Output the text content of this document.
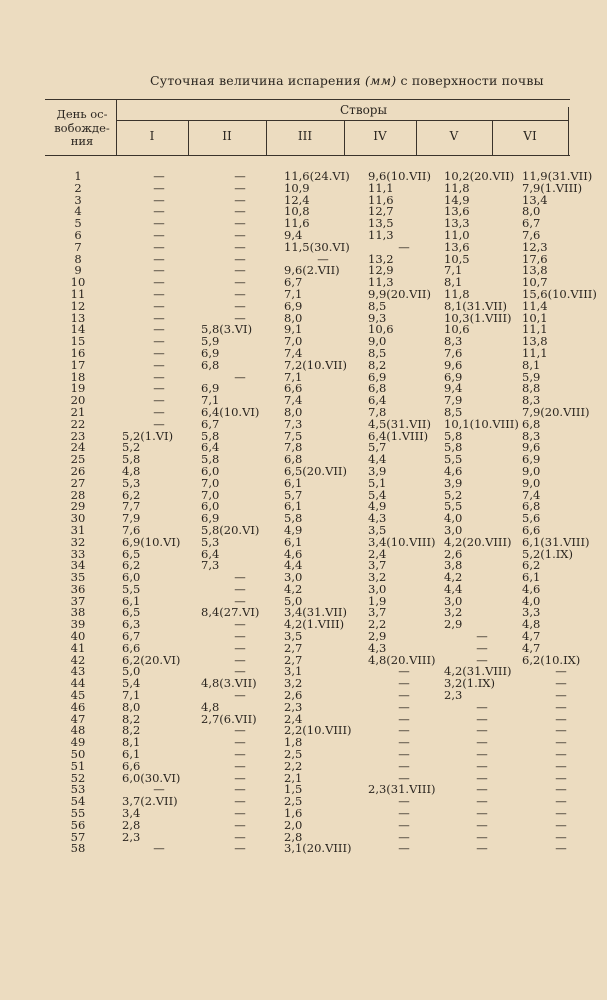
Суточная величина испарения (мм) с поверхности почвы
День ос- вобожде- ния
Створы
I	II	III	IV	V	VI
1	—	—	11,6(24.VI)	9,6(10.VII)	10,2(20.VII)	11,9(31.VII)
2	—	—	10,9	11,1	11,8	7,9(1.VIII)
3	—	—	12,4	11,6	14,9	13,4
4	—	—	10,8	12,7	13,6	8,0
5	—	—	11,6	13,5	13,3	6,7
6	—	—	9,4	11,3	11,0	7,6
7	—	—	11,5(30.VI)	—	13,6	12,3
8	—	—	—	13,2	10,5	17,6
9	—	—	9,6(2.VII)	12,9	7,1	13,8
10	—	—	6,7	11,3	8,1	10,7
11	—	—	7,1	9,9(20.VII)	11,8	15,6(10.VIII)
12	—	—	6,9	8,5	8,1(31.VII)	11,4
13	—	—	8,0	9,3	10,3(1.VIII)	10,1
14	—	5,8(3.VI)	9,1	10,6	10,6	11,1
15	—	5,9	7,0	9,0	8,3	13,8
16	—	6,9	7,4	8,5	7,6	11,1
17	—	6,8	7,2(10.VII)	8,2	9,6	8,1
18	—	—	7,1	6,9	6,9	5,9
19	—	6,9	6,6	6,8	9,4	8,8
20	—	7,1	7,4	6,4	7,9	8,3
21	—	6,4(10.VI)	8,0	7,8	8,5	7,9(20.VIII)
22	—	6,7	7,3	4,5(31.VII)	10,1(10.VIII)	6,8
23	5,2(1.VI)	5,8	7,5	6,4(1.VIII)	5,8	8,3
24	5,2	6,4	7,8	5,7	5,8	9,6
25	5,8	5,8	6,8	4,4	5,5	6,9
26	4,8	6,0	6,5(20.VII)	3,9	4,6	9,0
27	5,3	7,0	6,1	5,1	3,9	9,0
28	6,2	7,0	5,7	5,4	5,2	7,4
29	7,7	6,0	6,1	4,9	5,5	6,8
30	7,9	6,9	5,8	4,3	4,0	5,6
31	7,6	5,8(20.VI)	4,9	3,5	3,0	6,6
32	6,9(10.VI)	5,3	6,1	3,4(10.VIII)	4,2(20.VIII)	6,1(31.VIII)
33	6,5	6,4	4,6	2,4	2,6	5,2(1.IX)
34	6,2	7,3	4,4	3,7	3,8	6,2
35	6,0	—	3,0	3,2	4,2	6,1
36	5,5	—	4,2	3,0	4,4	4,6
37	6,1	—	5,0	1,9	3,0	4,0
38	6,5	8,4(27.VI)	3,4(31.VII)	3,7	3,2	3,3
39	6,3	—	4,2(1.VIII)	2,2	2,9	4,8
40	6,7	—	3,5	2,9	—	4,7
41	6,6	—	2,7	4,3	—	4,7
42	6,2(20.VI)	—	2,7	4,8(20.VIII)	—	6,2(10.IX)
43	5,0	—	3,1	—	4,2(31.VIII)	—
44	5,4	4,8(3.VII)	3,2	—	3,2(1.IX)	—
45	7,1	—	2,6	—	2,3	—
46	8,0	4,8	2,3	—	—	—
47	8,2	2,7(6.VII)	2,4	—	—	—
48	8,2	—	2,2(10.VIII)	—	—	—
49	8,1	—	1,8	—	—	—
50	6,1	—	2,5	—	—	—
51	6,6	—	2,2	—	—	—
52	6,0(30.VI)	—	2,1	—	—	—
53	—	—	1,5	2,3(31.VIII)	—	—
54	3,7(2.VII)	—	2,5	—	—	—
55	3,4	—	1,6	—	—	—
56	2,8	—	2,0	—	—	—
57	2,3	—	2,8	—	—	—
58	—	—	3,1(20.VIII)	—	—	—
